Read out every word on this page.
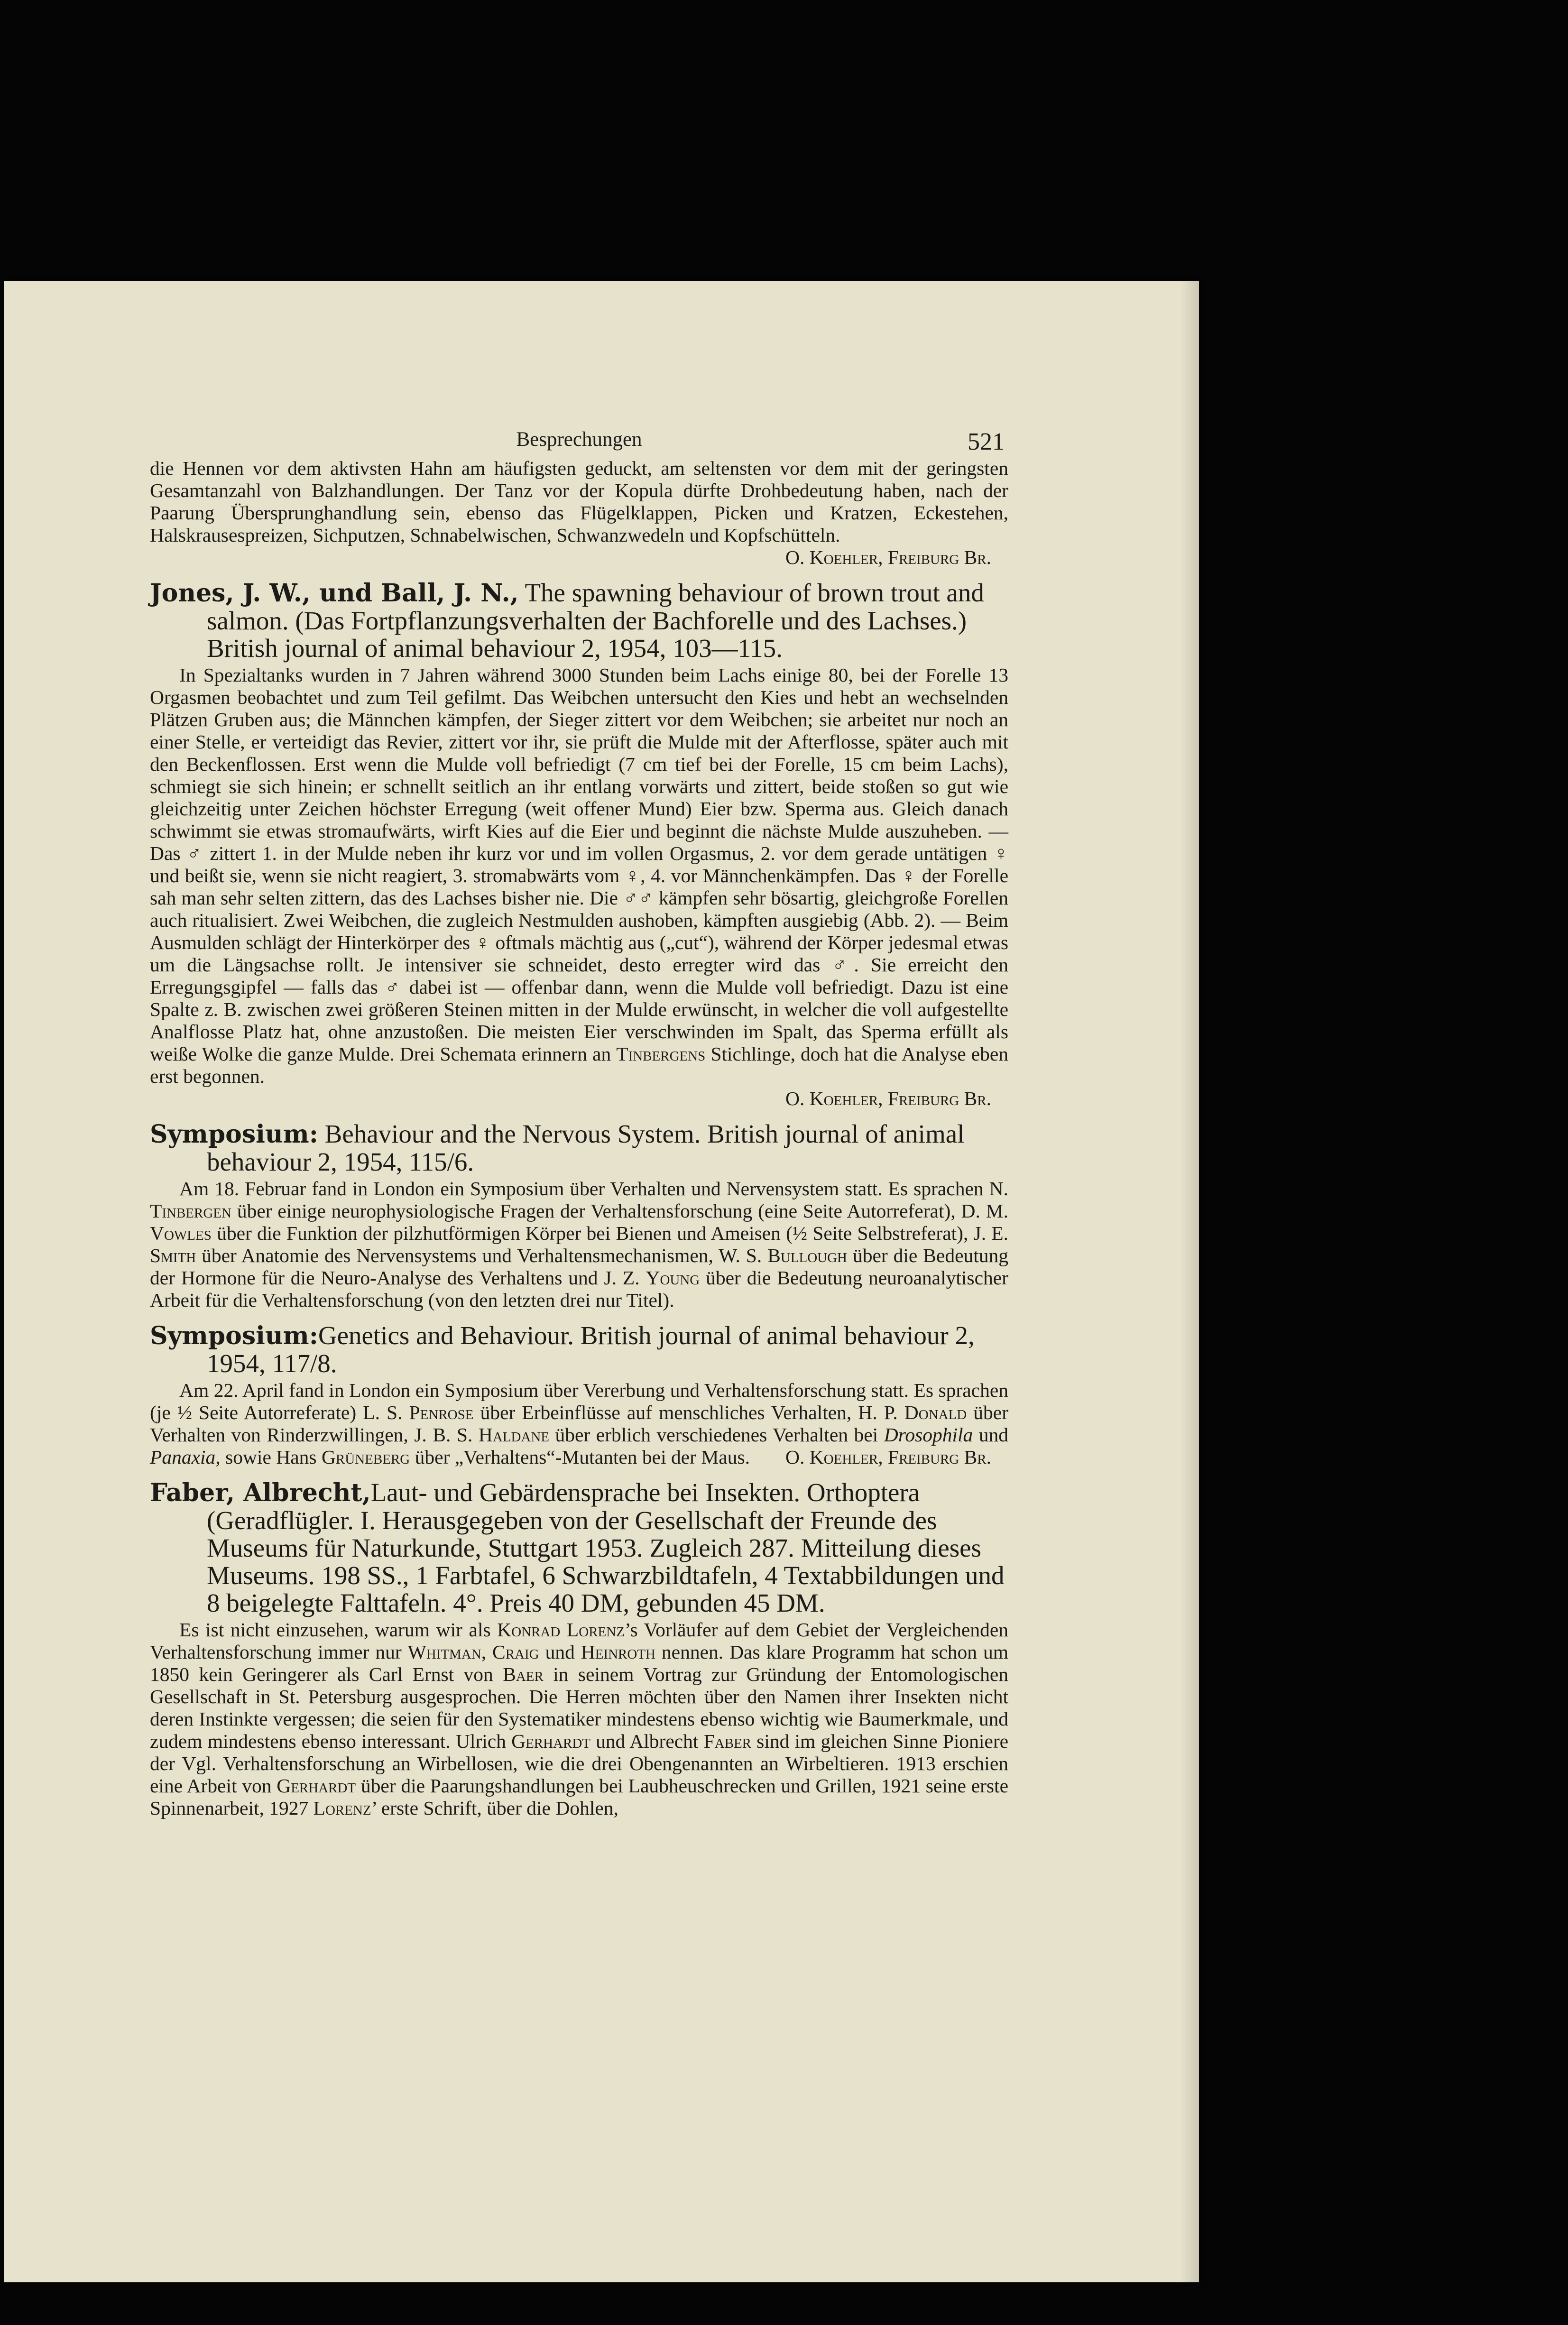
Besprechungen	521

die Hennen vor dem aktivsten Hahn am häufigsten geduckt, am seltensten vor dem mit der geringsten Gesamtanzahl von Balzhandlungen. Der Tanz vor der Kopula dürfte Drohbedeutung haben, nach der Paarung Übersprunghandlung sein, ebenso das Flügelklappen, Picken und Kratzen, Eckestehen, Halskrausespreizen, Sichputzen, Schnabelwischen, Schwanzwedeln und Kopfschütteln.
O. Koehler, Freiburg Br.

Jones, J. W., und Ball, J. N., The spawning behaviour of brown trout and salmon. (Das Fortpflanzungsverhalten der Bachforelle und des Lachses.) British journal of animal behaviour 2, 1954, 103—115.

In Spezialtanks wurden in 7 Jahren während 3000 Stunden beim Lachs einige 80, bei der Forelle 13 Orgasmen beobachtet und zum Teil gefilmt. Das Weibchen untersucht den Kies und hebt an wechselnden Plätzen Gruben aus; die Männchen kämpfen, der Sieger zittert vor dem Weibchen; sie arbeitet nur noch an einer Stelle, er verteidigt das Revier, zittert vor ihr, sie prüft die Mulde mit der Afterflosse, später auch mit den Beckenflossen. Erst wenn die Mulde voll befriedigt (7 cm tief bei der Forelle, 15 cm beim Lachs), schmiegt sie sich hinein; er schnellt seitlich an ihr entlang vorwärts und zittert, beide stoßen so gut wie gleichzeitig unter Zeichen höchster Erregung (weit offener Mund) Eier bzw. Sperma aus. Gleich danach schwimmt sie etwas stromaufwärts, wirft Kies auf die Eier und beginnt die nächste Mulde auszuheben. — Das ♂ zittert 1. in der Mulde neben ihr kurz vor und im vollen Orgasmus, 2. vor dem gerade untätigen ♀ und beißt sie, wenn sie nicht reagiert, 3. stromabwärts vom ♀, 4. vor Männchenkämpfen. Das ♀ der Forelle sah man sehr selten zittern, das des Lachses bisher nie. Die ♂♂ kämpfen sehr bösartig, gleichgroße Forellen auch ritualisiert. Zwei Weibchen, die zugleich Nestmulden aushoben, kämpften ausgiebig (Abb. 2). — Beim Ausmulden schlägt der Hinterkörper des ♀ oftmals mächtig aus („cut“), während der Körper jedesmal etwas um die Längsachse rollt. Je intensiver sie schneidet, desto erregter wird das ♂. Sie erreicht den Erregungsgipfel — falls das ♂ dabei ist — offenbar dann, wenn die Mulde voll befriedigt. Dazu ist eine Spalte z. B. zwischen zwei größeren Steinen mitten in der Mulde erwünscht, in welcher die voll aufgestellte Analflosse Platz hat, ohne anzustoßen. Die meisten Eier verschwinden im Spalt, das Sperma erfüllt als weiße Wolke die ganze Mulde. Drei Schemata erinnern an Tinbergens Stichlinge, doch hat die Analyse eben erst begonnen.

O. Koehler, Freiburg Br.
Symposium: Behaviour and the Nervous System. British journal of animal behaviour 2, 1954, 115/6.

Am 18. Februar fand in London ein Symposium über Verhalten und Nervensystem statt. Es sprachen N. Tinbergen über einige neurophysiologische Fragen der Verhaltensforschung (eine Seite Autorreferat), D. M. Vowles über die Funktion der pilzhutförmigen Körper bei Bienen und Ameisen (½ Seite Selbstreferat), J. E. Smith über Anatomie des Nervensystems und Verhaltensmechanismen, W. S. Bullough über die Bedeutung der Hormone für die Neuro-Analyse des Verhaltens und J. Z. Young über die Bedeutung neuroanalytischer Arbeit für die Verhaltensforschung (von den letzten drei nur Titel).

Symposium:Genetics and Behaviour. British journal of animal behaviour 2, 1954, 117/8.

Am 22. April fand in London ein Symposium über Vererbung und Verhaltensforschung statt. Es sprachen (je ½ Seite Autorreferate) L. S. Penrose über Erbeinflüsse auf menschliches Verhalten, H. P. Donald über Verhalten von Rinderzwillingen, J. B. S. Haldane über erblich verschiedenes Verhalten bei Drosophila und Panaxia, sowie Hans Grüneberg über „Verhaltens“-Mutanten bei der Maus.	O. Koehler, Freiburg Br.

Faber, Albrecht,Laut- und Gebärdensprache bei Insekten. Orthoptera (Geradflügler. I. Herausgegeben von der Gesellschaft der Freunde des Museums für Naturkunde, Stuttgart 1953. Zugleich 287. Mitteilung dieses Museums. 198 SS., 1 Farbtafel, 6 Schwarzbildtafeln, 4 Textabbildungen und 8 beigelegte Falttafeln. 4°. Preis 40 DM, gebunden 45 DM.

Es ist nicht einzusehen, warum wir als Konrad Lorenz’s Vorläufer auf dem Gebiet der Vergleichenden Verhaltensforschung immer nur Whitman, Craig und Heinroth nennen. Das klare Programm hat schon um 1850 kein Geringerer als Carl Ernst von Baer in seinem Vortrag zur Gründung der Entomologischen Gesellschaft in St. Petersburg ausgesprochen. Die Herren möchten über den Namen ihrer Insekten nicht deren Instinkte vergessen; die seien für den Systematiker mindestens ebenso wichtig wie Baumerkmale, und zudem mindestens ebenso interessant. Ulrich Gerhardt und Albrecht Faber sind im gleichen Sinne Pioniere der Vgl. Verhaltensforschung an Wirbellosen, wie die drei Obengenannten an Wirbeltieren. 1913 erschien eine Arbeit von Gerhardt über die Paarungshandlungen bei Laubheuschrecken und Grillen, 1921 seine erste Spinnenarbeit, 1927 Lorenz’ erste Schrift, über die Dohlen,
